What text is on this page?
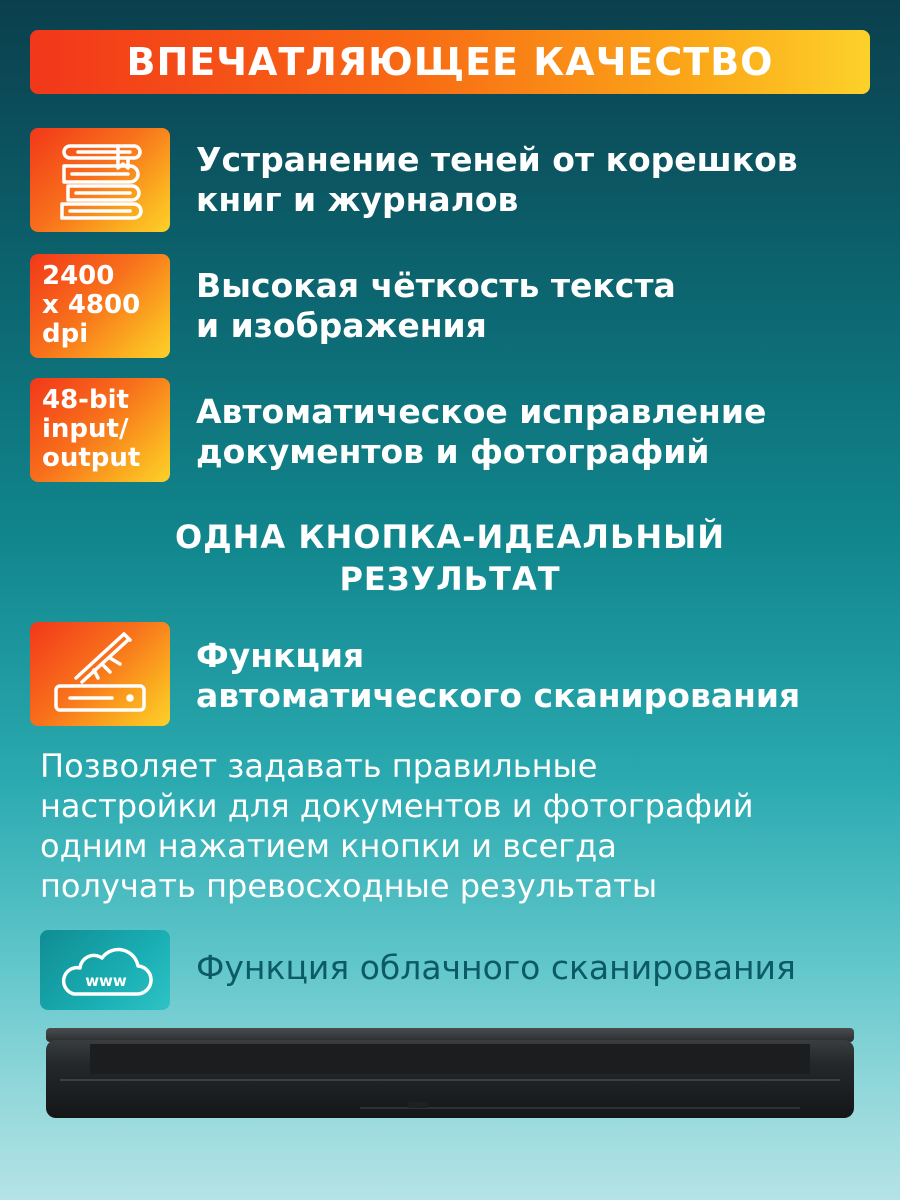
ВПЕЧАТЛЯЮЩЕЕ КАЧЕСТВО
Устранение теней от корешков
книг и журналов
2400
x 4800
dpi
Высокая чёткость текста
и изображения
48-bit
input/
output
Автоматическое исправление
документов и фотографий
ОДНА КНОПКА-ИДЕАЛЬНЫЙ
РЕЗУЛЬТАТ
Функция
автоматического сканирования
Позволяет задавать правильные
настройки для документов и фотографий
одним нажатием кнопки и всегда
получать превосходные результаты
www Функция облачного сканирования
